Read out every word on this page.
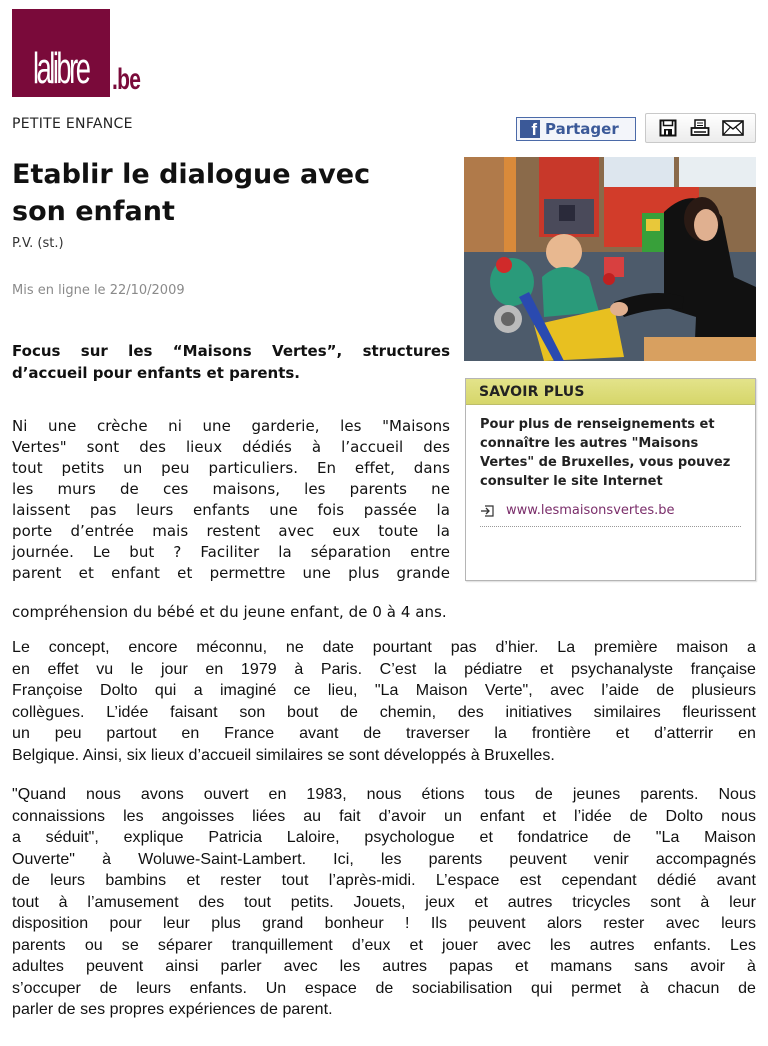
lalibre .be
PETITE ENFANCE	f Partager
Etablir le dialogue avec son enfant
P.V. (st.)
Mis en ligne le 22/10/2009
Focus sur les “Maisons Vertes”, structures
d’accueil pour enfants et parents.
SAVOIR PLUS
Pour plus de renseignements et connaître les autres "Maisons Vertes" de Bruxelles, vous pouvez consulter le site Internet
www.lesmaisonsvertes.be
Ni une crèche ni une garderie, les "Maisons
Vertes" sont des lieux dédiés à l’accueil des
tout petits un peu particuliers. En effet, dans
les murs de ces maisons, les parents ne
laissent pas leurs enfants une fois passée la
porte d’entrée mais restent avec eux toute la
journée. Le but ? Faciliter la séparation entre
parent et enfant et permettre une plus grande
compréhension du bébé et du jeune enfant, de 0 à 4 ans.
Le concept, encore méconnu, ne date pourtant pas d’hier. La première maison a
en effet vu le jour en 1979 à Paris. C’est la pédiatre et psychanalyste française
Françoise Dolto qui a imaginé ce lieu, "La Maison Verte", avec l’aide de plusieurs
collègues. L’idée faisant son bout de chemin, des initiatives similaires fleurissent
un peu partout en France avant de traverser la frontière et d’atterrir en
Belgique. Ainsi, six lieux d’accueil similaires se sont développés à Bruxelles.
"Quand nous avons ouvert en 1983, nous étions tous de jeunes parents. Nous
connaissions les angoisses liées au fait d’avoir un enfant et l’idée de Dolto nous
a séduit", explique Patricia Laloire, psychologue et fondatrice de "La Maison
Ouverte" à Woluwe-Saint-Lambert. Ici, les parents peuvent venir accompagnés
de leurs bambins et rester tout l’après-midi. L’espace est cependant dédié avant
tout à l’amusement des tout petits. Jouets, jeux et autres tricycles sont à leur
disposition pour leur plus grand bonheur ! Ils peuvent alors rester avec leurs
parents ou se séparer tranquillement d’eux et jouer avec les autres enfants. Les
adultes peuvent ainsi parler avec les autres papas et mamans sans avoir à
s’occuper de leurs enfants. Un espace de sociabilisation qui permet à chacun de
parler de ses propres expériences de parent.
